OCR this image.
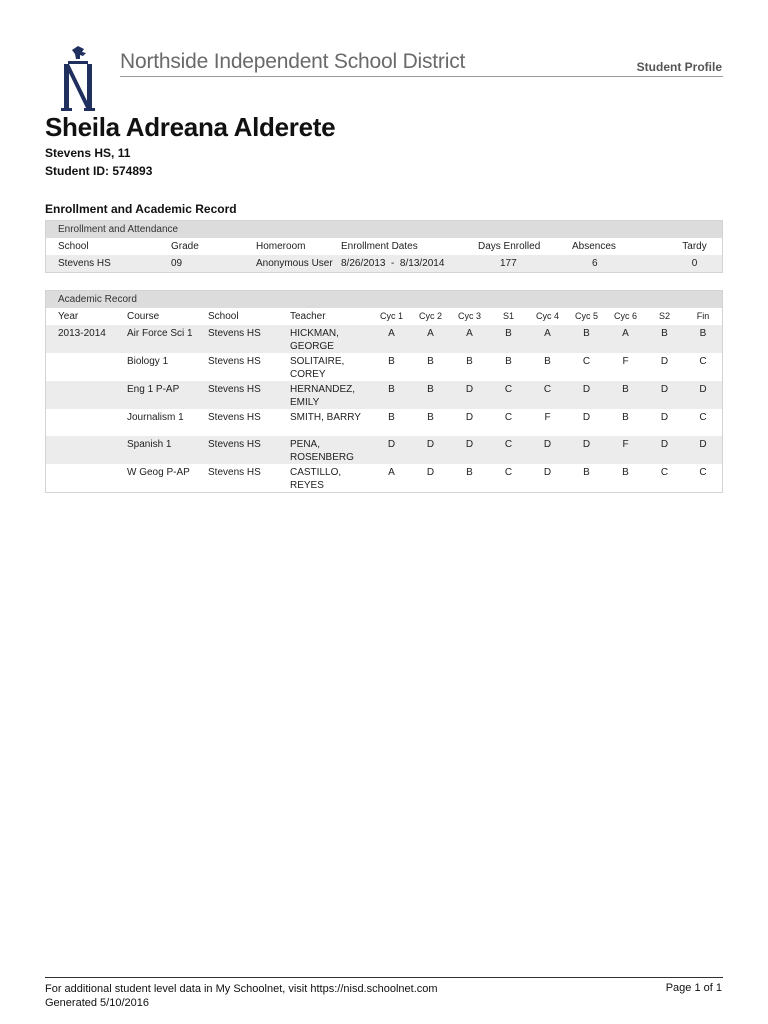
Northside Independent School District	Student Profile
Sheila Adreana Alderete
Stevens HS, 11
Student ID: 574893
Enrollment and Academic Record
Enrollment and Attendance
School	Grade	Homeroom	Enrollment Dates	Days Enrolled	Absences	Tardy
Stevens HS	09	Anonymous User	8/26/2013  -  8/13/2014	177	6	0
Academic Record
Year	Course	School	Teacher	Cyc 1	Cyc 2	Cyc 3	S1	Cyc 4	Cyc 5	Cyc 6	S2	Fin
2013-2014	Air Force Sci 1	Stevens HS	HICKMAN, GEORGE	A	A	A	B	A	B	A	B	B
	Biology 1	Stevens HS	SOLITAIRE, COREY	B	B	B	B	B	C	F	D	C
	Eng 1 P-AP	Stevens HS	HERNANDEZ, EMILY	B	B	D	C	C	D	B	D	D
	Journalism 1	Stevens HS	SMITH, BARRY	B	B	D	C	F	D	B	D	C
	Spanish 1	Stevens HS	PENA, ROSENBERG	D	D	D	C	D	D	F	D	D
	W Geog P-AP	Stevens HS	CASTILLO, REYES	A	D	B	C	D	B	B	C	C
For additional student level data in My Schoolnet, visit https://nisd.schoolnet.com
Generated 5/10/2016
Page 1 of 1
